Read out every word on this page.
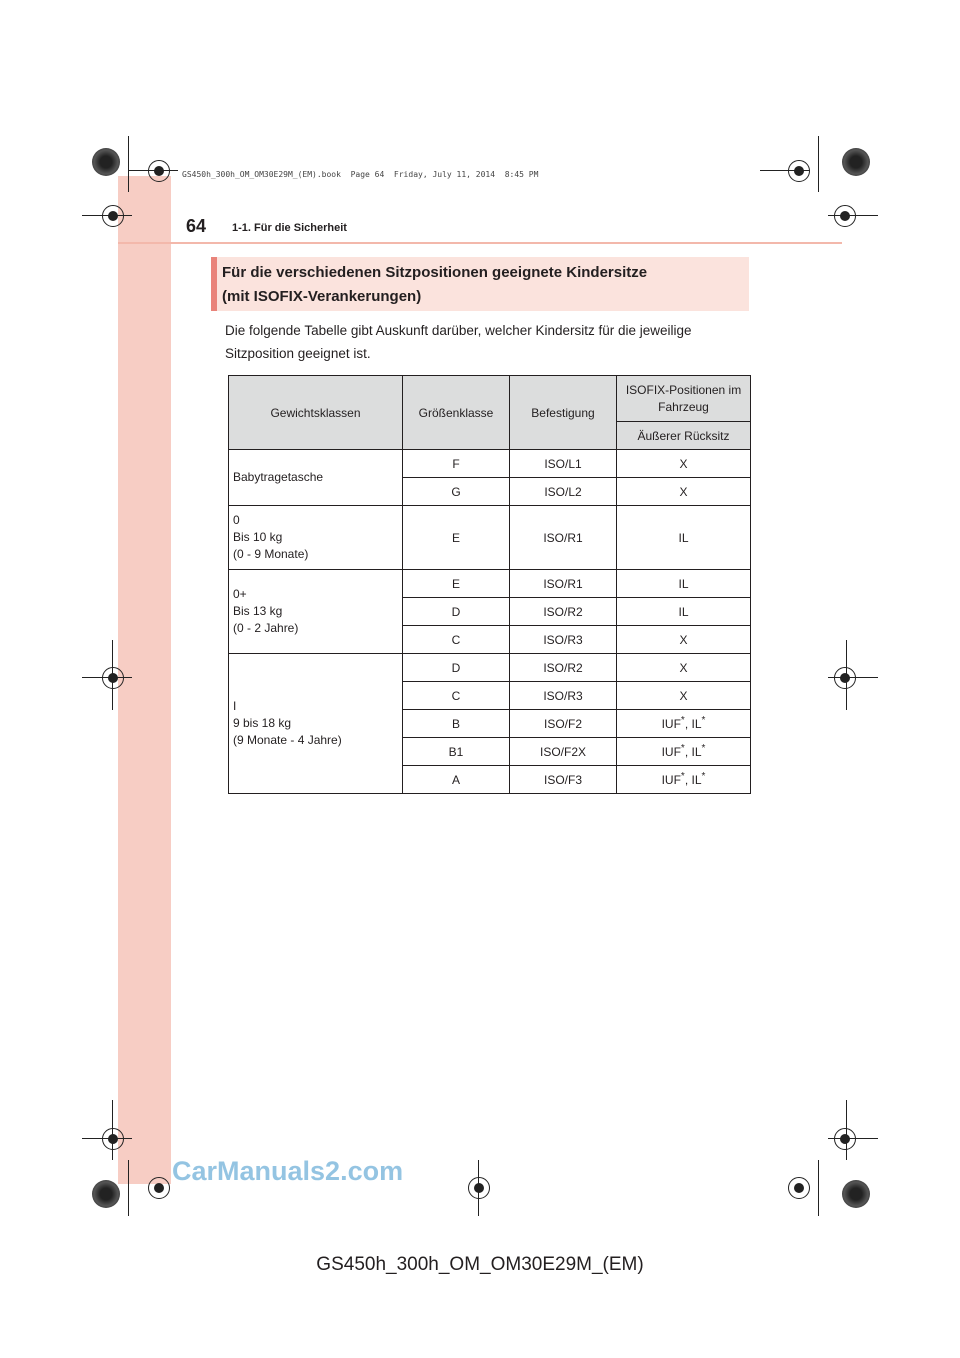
GS450h_300h_OM_OM30E29M_(EM).book  Page 64  Friday, July 11, 2014  8:45 PM
64 1-1. Für die Sicherheit
Für die verschiedenen Sitzpositionen geeignete Kindersitze
(mit ISOFIX-Verankerungen)
Die folgende Tabelle gibt Auskunft darüber, welcher Kindersitz für die jeweilige Sitzposition geeignet ist.
Gewichtsklassen	Größenklasse	Befestigung	ISOFIX-Positionen im Fahrzeug
			Äußerer Rücksitz

Babytragetasche	F	ISO/L1	X
	G	ISO/L2	X

0
Bis 10 kg
(0 - 9 Monate)	E	ISO/R1	IL

0+
Bis 13 kg
(0 - 2 Jahre)	E	ISO/R1	IL
	D	ISO/R2	IL
	C	ISO/R3	X

I
9 bis 18 kg
(9 Monate - 4 Jahre)	D	ISO/R2	X
	C	ISO/R3	X
	B	ISO/F2	IUF*, IL*
	B1	ISO/F2X	IUF*, IL*
	A	ISO/F3	IUF*, IL*
GS450h_300h_OM_OM30E29M_(EM)
CarManuals2.com
